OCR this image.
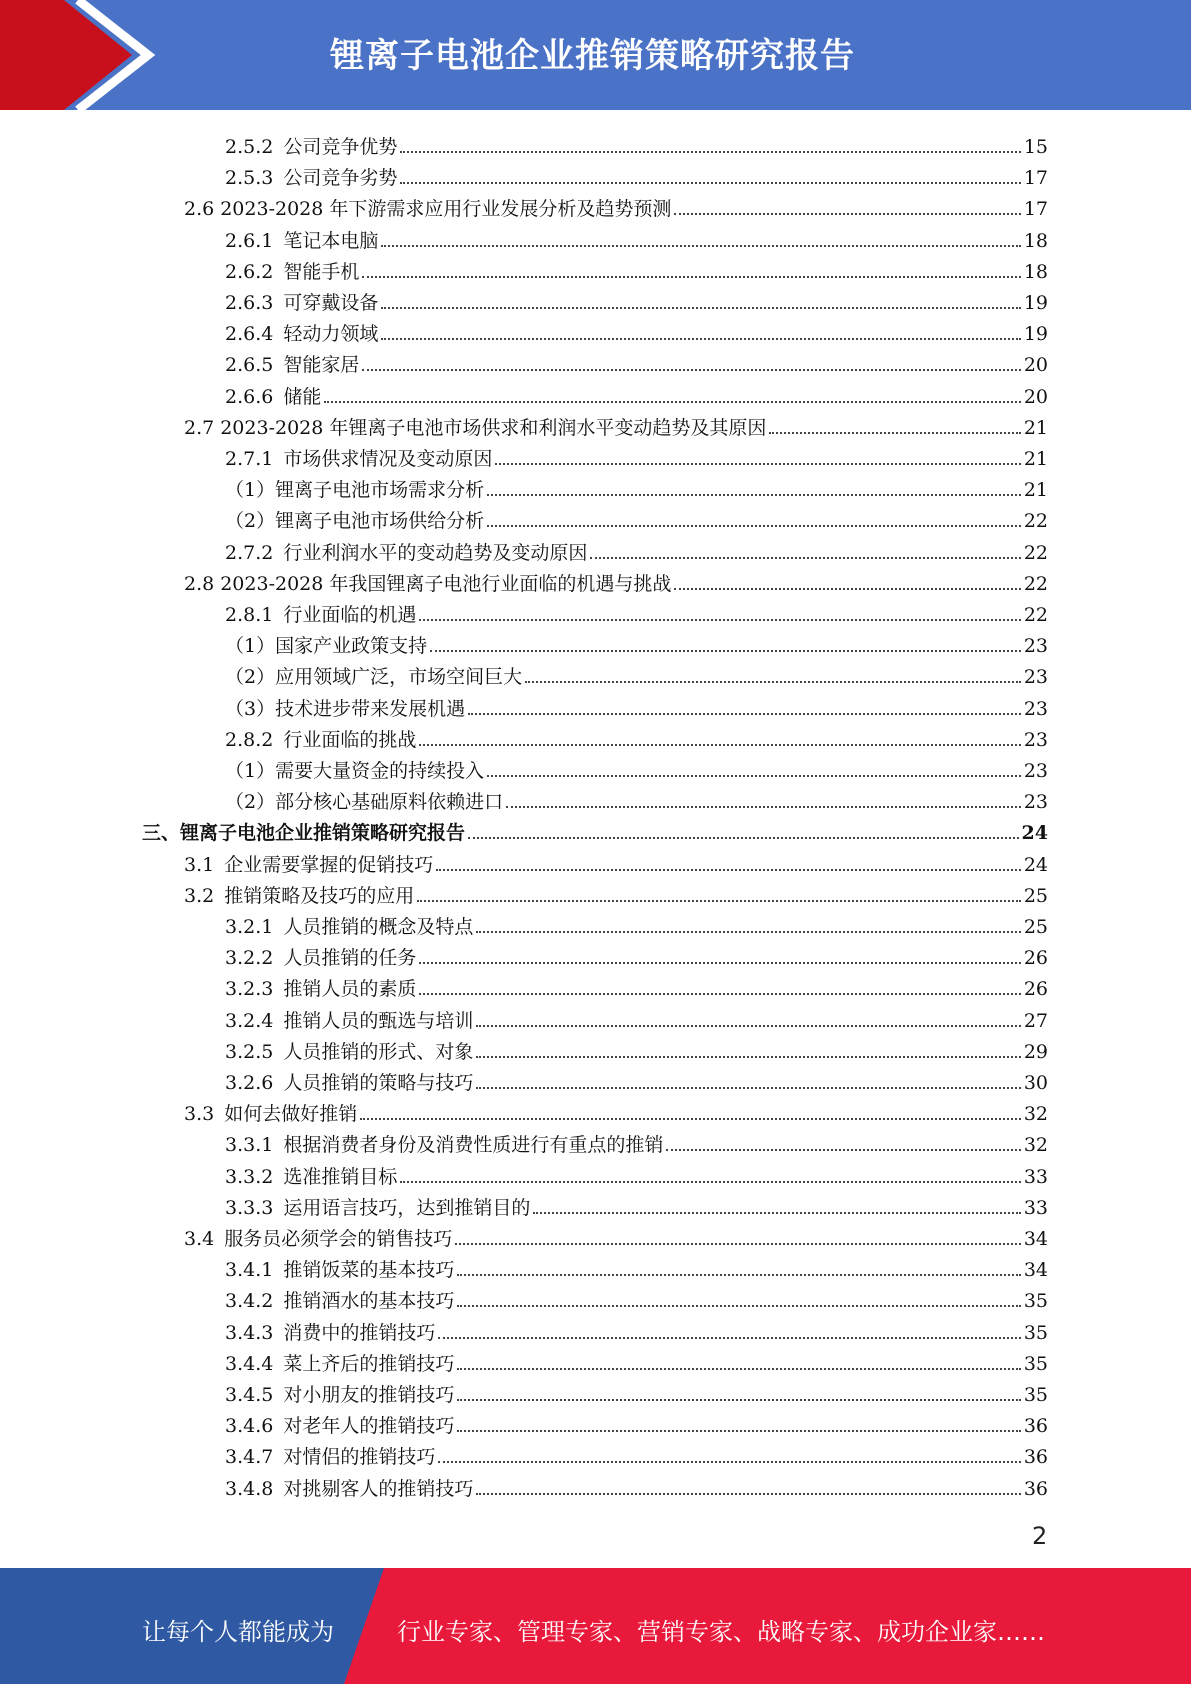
锂离子电池企业推销策略研究报告
2.5.2 公司竞争优势	15
2.5.3 公司竞争劣势	17
2.6 2023-2028 年下游需求应用行业发展分析及趋势预测	17
2.6.1 笔记本电脑	18
2.6.2 智能手机	18
2.6.3 可穿戴设备	19
2.6.4 轻动力领域	19
2.6.5 智能家居	20
2.6.6 储能	20
2.7 2023-2028 年锂离子电池市场供求和利润水平变动趋势及其原因	21
2.7.1 市场供求情况及变动原因	21
（1）锂离子电池市场需求分析	21
（2）锂离子电池市场供给分析	22
2.7.2 行业利润水平的变动趋势及变动原因	22
2.8 2023-2028 年我国锂离子电池行业面临的机遇与挑战	22
2.8.1 行业面临的机遇	22
（1）国家产业政策支持	23
（2）应用领域广泛，市场空间巨大	23
（3）技术进步带来发展机遇	23
2.8.2 行业面临的挑战	23
（1）需要大量资金的持续投入	23
（2）部分核心基础原料依赖进口	23
三、锂离子电池企业推销策略研究报告	24
3.1 企业需要掌握的促销技巧	24
3.2 推销策略及技巧的应用	25
3.2.1 人员推销的概念及特点	25
3.2.2 人员推销的任务	26
3.2.3 推销人员的素质	26
3.2.4 推销人员的甄选与培训	27
3.2.5 人员推销的形式、对象	29
3.2.6 人员推销的策略与技巧	30
3.3 如何去做好推销	32
3.3.1 根据消费者身份及消费性质进行有重点的推销	32
3.3.2 选准推销目标	33
3.3.3 运用语言技巧，达到推销目的	33
3.4 服务员必须学会的销售技巧	34
3.4.1 推销饭菜的基本技巧	34
3.4.2 推销酒水的基本技巧	35
3.4.3 消费中的推销技巧	35
3.4.4 菜上齐后的推销技巧	35
3.4.5 对小朋友的推销技巧	35
3.4.6 对老年人的推销技巧	36
3.4.7 对情侣的推销技巧	36
3.4.8 对挑剔客人的推销技巧	36
2
让每个人都能成为	行业专家、管理专家、营销专家、战略专家、成功企业家……
